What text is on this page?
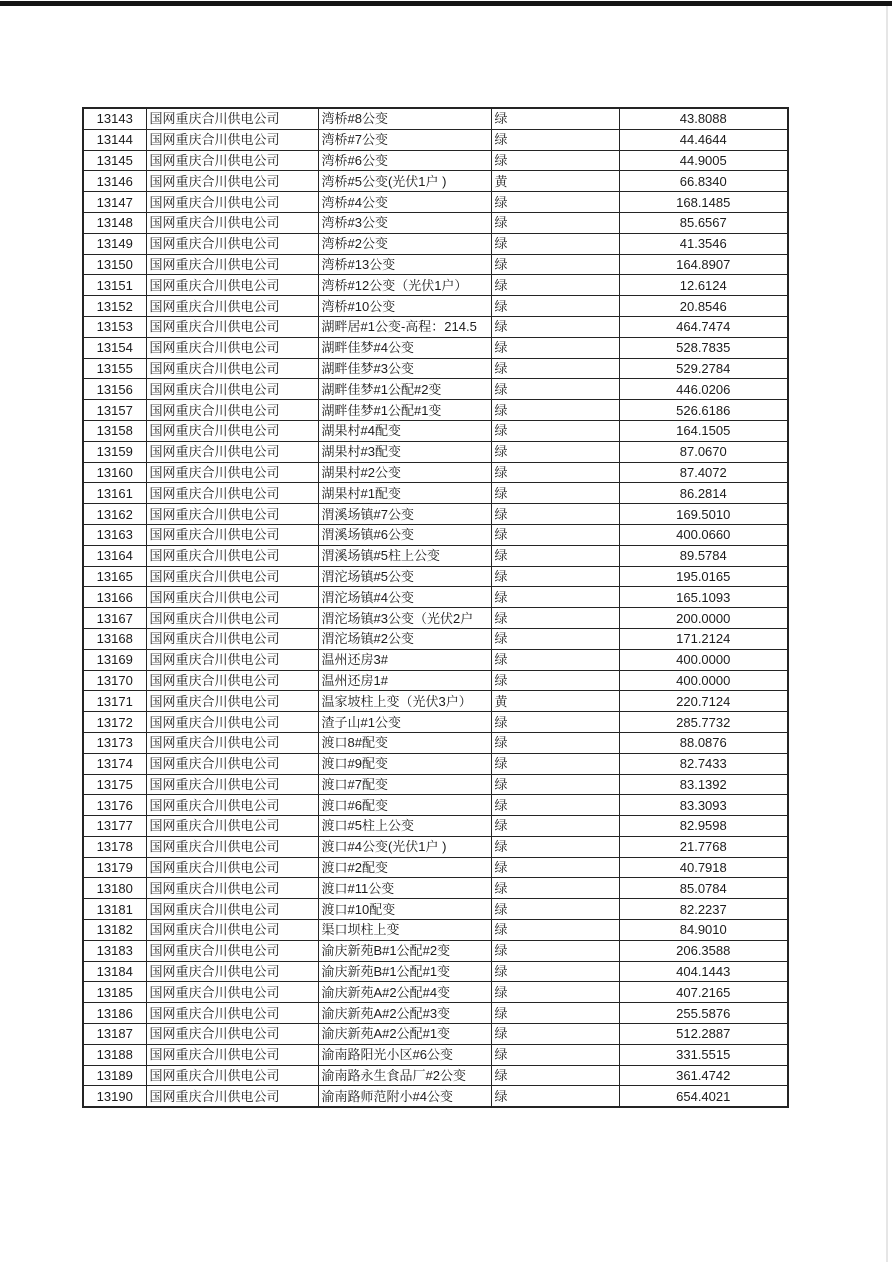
13143	国网重庆合川供电公司	湾桥#8公变	绿	43.8088
13144	国网重庆合川供电公司	湾桥#7公变	绿	44.4644
13145	国网重庆合川供电公司	湾桥#6公变	绿	44.9005
13146	国网重庆合川供电公司	湾桥#5公变(光伏1户 )	黄	66.8340
13147	国网重庆合川供电公司	湾桥#4公变	绿	168.1485
13148	国网重庆合川供电公司	湾桥#3公变	绿	85.6567
13149	国网重庆合川供电公司	湾桥#2公变	绿	41.3546
13150	国网重庆合川供电公司	湾桥#13公变	绿	164.8907
13151	国网重庆合川供电公司	湾桥#12公变（光伏1户）	绿	12.6124
13152	国网重庆合川供电公司	湾桥#10公变	绿	20.8546
13153	国网重庆合川供电公司	湖畔居#1公变-高程：214.5	绿	464.7474
13154	国网重庆合川供电公司	湖畔佳梦#4公变	绿	528.7835
13155	国网重庆合川供电公司	湖畔佳梦#3公变	绿	529.2784
13156	国网重庆合川供电公司	湖畔佳梦#1公配#2变	绿	446.0206
13157	国网重庆合川供电公司	湖畔佳梦#1公配#1变	绿	526.6186
13158	国网重庆合川供电公司	湖果村#4配变	绿	164.1505
13159	国网重庆合川供电公司	湖果村#3配变	绿	87.0670
13160	国网重庆合川供电公司	湖果村#2公变	绿	87.4072
13161	国网重庆合川供电公司	湖果村#1配变	绿	86.2814
13162	国网重庆合川供电公司	渭溪场镇#7公变	绿	169.5010
13163	国网重庆合川供电公司	渭溪场镇#6公变	绿	400.0660
13164	国网重庆合川供电公司	渭溪场镇#5柱上公变	绿	89.5784
13165	国网重庆合川供电公司	渭沱场镇#5公变	绿	195.0165
13166	国网重庆合川供电公司	渭沱场镇#4公变	绿	165.1093
13167	国网重庆合川供电公司	渭沱场镇#3公变（光伏2户	绿	200.0000
13168	国网重庆合川供电公司	渭沱场镇#2公变	绿	171.2124
13169	国网重庆合川供电公司	温州还房3#	绿	400.0000
13170	国网重庆合川供电公司	温州还房1#	绿	400.0000
13171	国网重庆合川供电公司	温家坡柱上变（光伏3户）	黄	220.7124
13172	国网重庆合川供电公司	渣子山#1公变	绿	285.7732
13173	国网重庆合川供电公司	渡口8#配变	绿	88.0876
13174	国网重庆合川供电公司	渡口#9配变	绿	82.7433
13175	国网重庆合川供电公司	渡口#7配变	绿	83.1392
13176	国网重庆合川供电公司	渡口#6配变	绿	83.3093
13177	国网重庆合川供电公司	渡口#5柱上公变	绿	82.9598
13178	国网重庆合川供电公司	渡口#4公变(光伏1户 )	绿	21.7768
13179	国网重庆合川供电公司	渡口#2配变	绿	40.7918
13180	国网重庆合川供电公司	渡口#11公变	绿	85.0784
13181	国网重庆合川供电公司	渡口#10配变	绿	82.2237
13182	国网重庆合川供电公司	渠口坝柱上变	绿	84.9010
13183	国网重庆合川供电公司	渝庆新苑B#1公配#2变	绿	206.3588
13184	国网重庆合川供电公司	渝庆新苑B#1公配#1变	绿	404.1443
13185	国网重庆合川供电公司	渝庆新苑A#2公配#4变	绿	407.2165
13186	国网重庆合川供电公司	渝庆新苑A#2公配#3变	绿	255.5876
13187	国网重庆合川供电公司	渝庆新苑A#2公配#1变	绿	512.2887
13188	国网重庆合川供电公司	渝南路阳光小区#6公变	绿	331.5515
13189	国网重庆合川供电公司	渝南路永生食品厂#2公变	绿	361.4742
13190	国网重庆合川供电公司	渝南路师范附小#4公变	绿	654.4021
